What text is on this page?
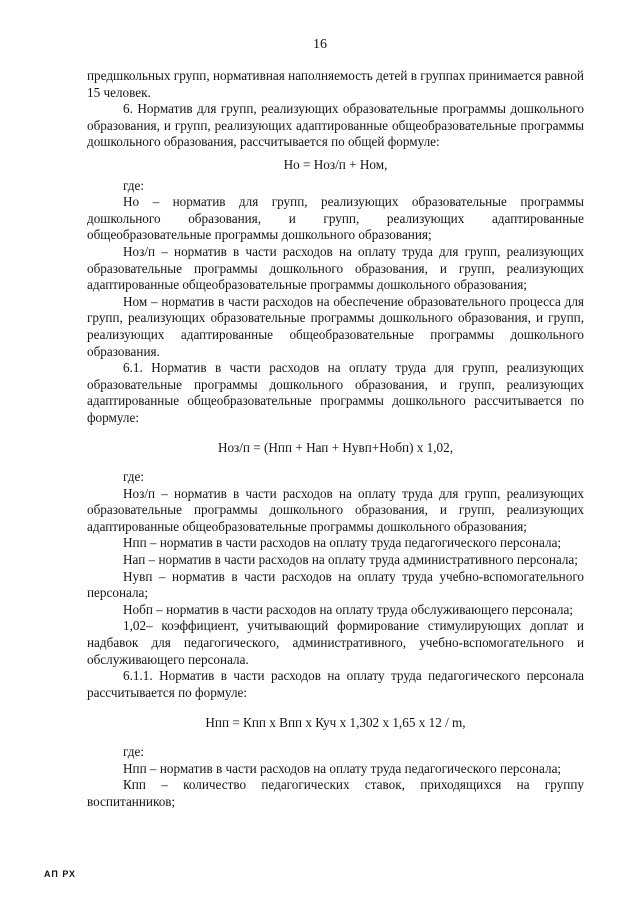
16

предшкольных групп, нормативная наполняемость детей в группах принимается равной 15 человек.

6. Норматив для групп, реализующих образовательные программы дошкольного образования, и групп, реализующих адаптированные общеобразовательные программы дошкольного образования, рассчитывается по общей формуле:

Но = Ноз/п + Ном,

где:

Но – норматив для групп, реализующих образовательные программы дошкольного образования, и групп, реализующих адаптированные общеобразовательные программы дошкольного образования;

Ноз/п – норматив в части расходов на оплату труда для групп, реализующих образовательные программы дошкольного образования, и групп, реализующих адаптированные общеобразовательные программы дошкольного образования;

Ном – норматив в части расходов на обеспечение образовательного процесса для групп, реализующих образовательные программы дошкольного образования, и групп, реализующих адаптированные общеобразовательные программы дошкольного образования.

6.1. Норматив в части расходов на оплату труда для групп, реализующих образовательные программы дошкольного образования, и групп, реализующих адаптированные общеобразовательные программы дошкольного рассчитывается по формуле:

Ноз/п = (Нпп + Нап + Нувп+Нобп) х 1,02,

где:

Ноз/п – норматив в части расходов на оплату труда для групп, реализующих образовательные программы дошкольного образования, и групп, реализующих адаптированные общеобразовательные программы дошкольного образования;

Нпп – норматив в части расходов на оплату труда педагогического персонала;

Нап – норматив в части расходов на оплату труда административного персонала;

Нувп – норматив в части расходов на оплату труда учебно-вспомогательного персонала;

Нобп – норматив в части расходов на оплату труда обслуживающего персонала;

1,02– коэффициент, учитывающий формирование стимулирующих доплат и надбавок для педагогического, административного, учебно-вспомогательного и обслуживающего персонала.

6.1.1. Норматив в части расходов на оплату труда педагогического персонала рассчитывается по формуле:

Нпп = Кпп х Впп х Куч х 1,302 х 1,65 х 12 / m,

где:

Нпп – норматив в части расходов на оплату труда педагогического персонала;

Кпп – количество педагогических ставок, приходящихся на группу воспитанников;

АП РХ
